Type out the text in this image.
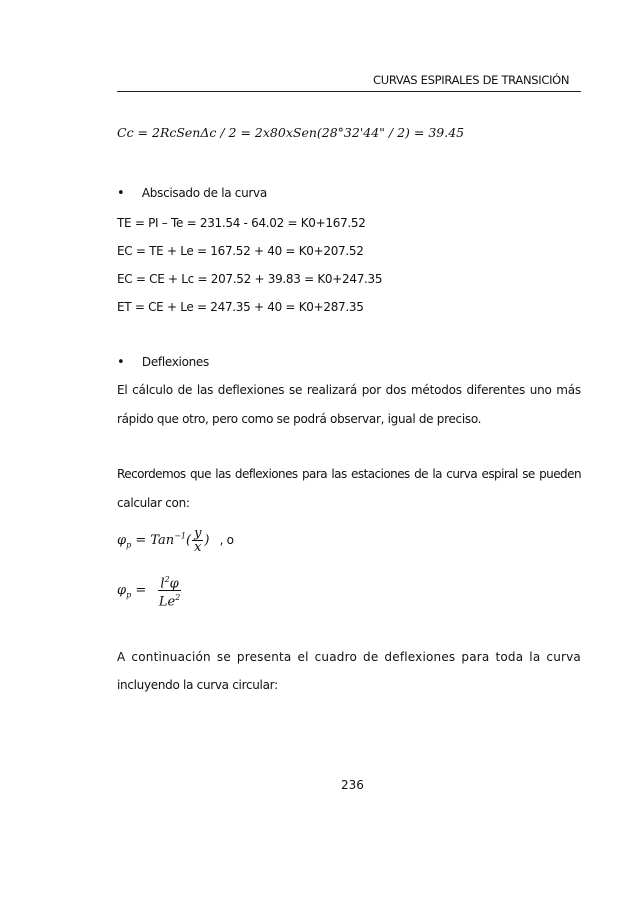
CURVAS ESPIRALES DE TRANSICIÓN
Cc = 2RcSenΔc / 2 = 2x80xSen(28°32'44" / 2) = 39.45
• Abscisado de la curva
TE = PI – Te = 231.54 - 64.02 = K0+167.52
EC = TE + Le = 167.52 + 40 = K0+207.52
EC = CE + Lc = 207.52 + 39.83 = K0+247.35
ET = CE + Le = 247.35 + 40 = K0+287.35
• Deflexiones
El cálculo de las deflexiones se realizará por dos métodos diferentes uno más
rápido que otro, pero como se podrá observar, igual de preciso.
Recordemos que las deflexiones para las estaciones de la curva espiral se pueden
calcular con:
$\varphi_p = Tan^{-1}( \frac{y}{x}$ ) , o
$\varphi_p = \frac{l^2\varphi}{Le^2}$
A continuación se presenta el cuadro de deflexiones para toda la curva
incluyendo la curva circular:
236
